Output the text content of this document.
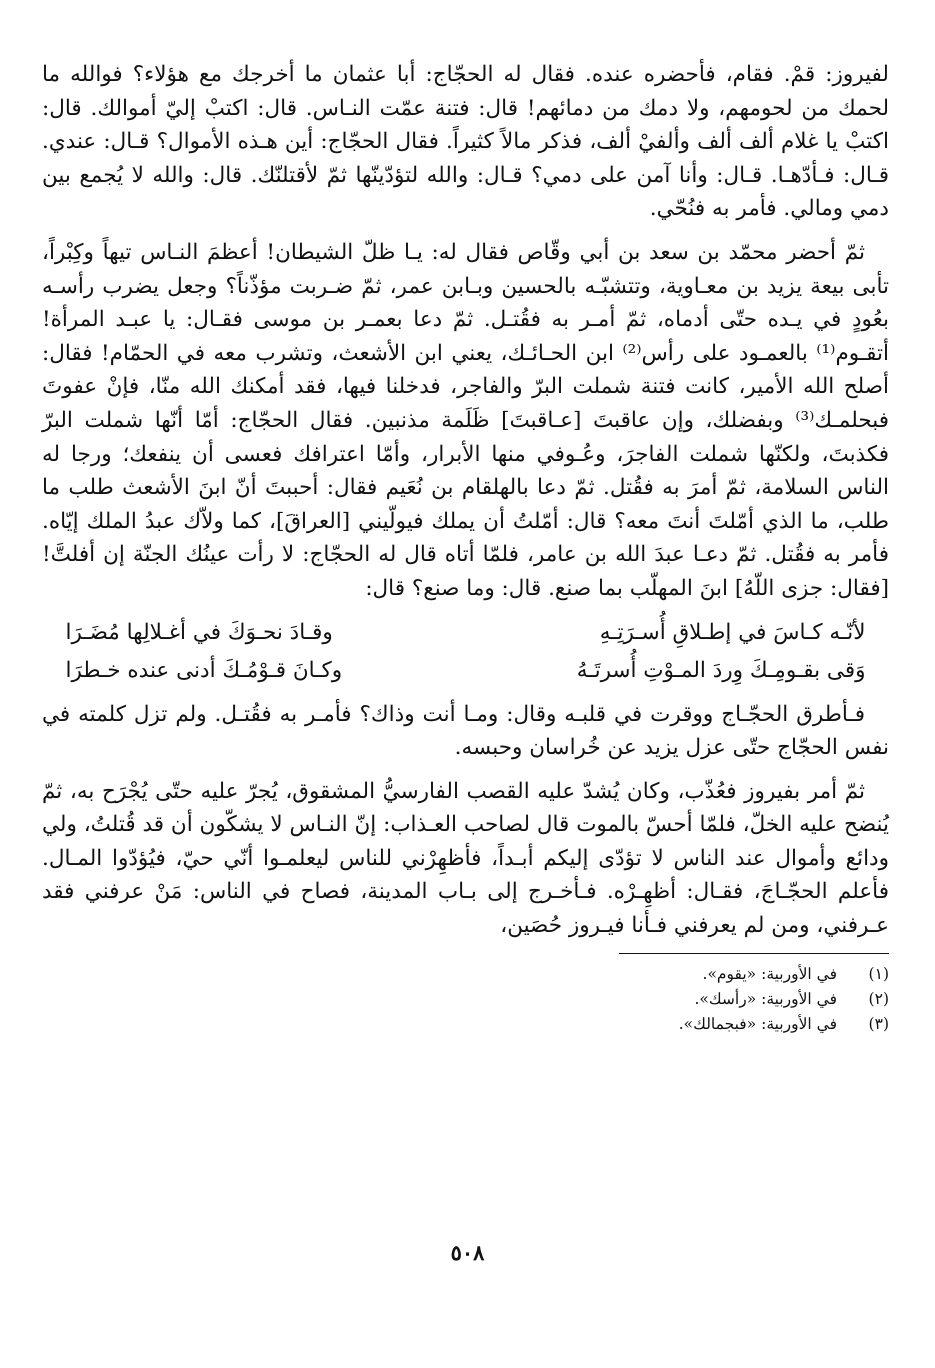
لفيروز: قمْ. فقام، فأحضره عنده. فقال له الحجّاج: أبا عثمان ما أخرجك مع هؤلاء؟ فوالله ما لحمك من لحومهم، ولا دمك من دمائهم! قال: فتنة عمّت النـاس. قال: اكتبْ إليّ أموالك. قال: اكتبْ يا غلام ألف ألف وألفيْ ألف، فذكر مالاً كثيراً. فقال الحجّاج: أين هـذه الأموال؟ قـال: عندي. قـال: فـأدّهـا. قـال: وأنا آمن على دمي؟ قـال: والله لتؤدّينّها ثمّ لأقتلنّك. قال: والله لا يُجمع بين دمي ومالي. فأمر به فنُحّي.

ثمّ أحضر محمّد بن سعد بن أبي وقّاص فقال له: يـا ظلّ الشيطان! أعظمَ النـاس تيهاً وكِبْراً، تأبى بيعة يزيد بن معـاوية، وتتشبّـه بالحسين وبـابن عمر، ثمّ ضـربت مؤذّناً؟ وجعل يضرب رأسـه بعُودٍ في يـده حتّى أدماه، ثمّ أمـر به فقُتـل. ثمّ دعا بعمـر بن موسى فقـال: يا عبـد المرأة! أتقـوم⁽¹⁾ بالعمـود على رأس⁽²⁾ ابن الحـائـك، يعني ابن الأشعث، وتشرب معه في الحمّام! فقال: أصلح الله الأمير، كانت فتنة شملت البرّ والفاجر، فدخلنا فيها، فقد أمكنك الله منّا، فإنْ عفوتَ فبحلمـك⁽³⁾ وبفضلك، وإن عاقبتَ [عـاقبتَ] ظَلَمة مذنبين. فقال الحجّاج: أمّا أنّها شملت البرّ فكذبتَ، ولكنّها شملت الفاجرَ، وعُـوفي منها الأبرار، وأمّا اعترافك فعسى أن ينفعك؛ ورجا له الناس السلامة، ثمّ أمرَ به فقُتل. ثمّ دعا بالهلقام بن نُعَيم فقال: أحببتَ أنّ ابنَ الأشعث طلب ما طلب، ما الذي أمّلتَ أنتَ معه؟ قال: أمّلتُ أن يملك فيولّيني [العراقَ]، كما ولاّك عبدُ الملك إيّاه. فأمر به فقُتل. ثمّ دعـا عبدَ الله بن عامر، فلمّا أتاه قال له الحجّاج: لا رأت عينُك الجنّة إن أفلتَّ! [فقال: جزى اللّهُ] ابنَ المهلّب بما صنع. قال: وما صنع؟ قال:

لأنّـه كـاسَ في إطـلاقِ أُسـرَتِـهِ
وقـادَ نحـوَكَ في أغـلالِها مُضَـرَا
وَقى بقـومِـكَ وِردَ المـوْتِ أُسرتَـهُ
وكـانَ قـوْمُـكَ أدنى عنده خـطرَا

فـأطرق الحجّـاج ووقرت في قلبـه وقال: ومـا أنت وذاك؟ فأمـر به فقُتـل. ولم تزل كلمته في نفس الحجّاج حتّى عزل يزيد عن خُراسان وحبسه.

ثمّ أمر بفيروز فعُذّب، وكان يُشدّ عليه القصب الفارسيُّ المشقوق، يُجرّ عليه حتّى يُجْرَح به، ثمّ يُنضح عليه الخلّ، فلمّا أحسّ بالموت قال لصاحب العـذاب: إنّ النـاس لا يشكّون أن قد قُتلتُ، ولي ودائع وأموال عند الناس لا تؤدّى إليكم أبـداً، فأظهِرْني للناس ليعلمـوا أنّي حيّ، فيُؤدّوا المـال. فأعلم الحجّـاجَ، فقـال: أظهِـرْه. فـأخـرج إلى بـاب المدينة، فصاح في الناس: مَنْ عرفني فقد عـرفني، ومن لم يعرفني فـأنا فيـروز حُصَين،

(١)
في الأوربية: «يقوم».
(٢)
في الأوربية: «رأسك».
(٣)
في الأوربية: «فبجمالك».
٥٠٨
